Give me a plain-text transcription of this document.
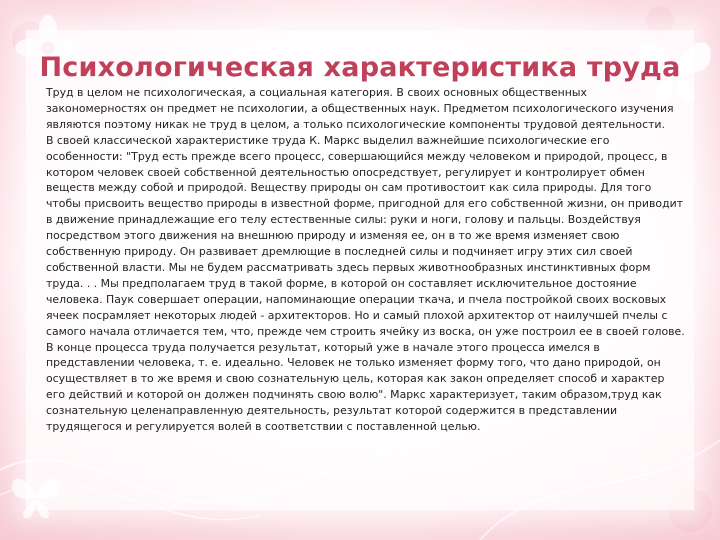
Психологическая характеристика труда

Труд в целом не психологическая, а социальная категория. В своих основных общественных закономерностях он предмет не психологии, а общественных наук. Предметом психологического изучения являются поэтому никак не труд в целом, а только психологические компоненты трудовой деятельности.

В своей классической характеристике труда К. Маркс выделил важнейшие психологические его особенности: "Труд есть прежде всего процесс, совершающийся между человеком и природой, процесс, в котором человек своей собственной деятельностью опосредствует, регулирует и контролирует обмен веществ между собой и природой. Веществу природы он сам противостоит как сила природы. Для того чтобы присвоить вещество природы в известной форме, пригодной для его собственной жизни, он приводит в движение принадлежащие его телу естественные силы: руки и ноги, голову и пальцы. Воздействуя посредством этого движения на внешнюю природу и изменяя ее, он в то же время изменяет свою собственную природу. Он развивает дремлющие в последней силы и подчиняет игру этих сил своей собственной власти. Мы не будем рассматривать здесь первых животнообразных инстинктивных форм труда. . . Мы предполагаем труд в такой форме, в которой он составляет исключительное достояние человека. Паук совершает операции, напоминающие операции ткача, и пчела постройкой своих восковых ячеек посрамляет некоторых людей - архитекторов. Но и самый плохой архитектор от наилучшей пчелы с самого начала отличается тем, что, прежде чем строить ячейку из воска, он уже построил ее в своей голове. В конце процесса труда получается результат, который уже в начале этого процесса имелся в представлении человека, т. е. идеально. Человек не только изменяет форму того, что дано природой, он осуществляет в то же время и свою сознательную цель, которая как закон определяет способ и характер его действий и которой он должен подчинять свою волю". Маркс характеризует, таким образом,труд как сознательную целенаправленную деятельность, результат которой содержится в представлении трудящегося и регулируется волей в соответствии с поставленной целью.
